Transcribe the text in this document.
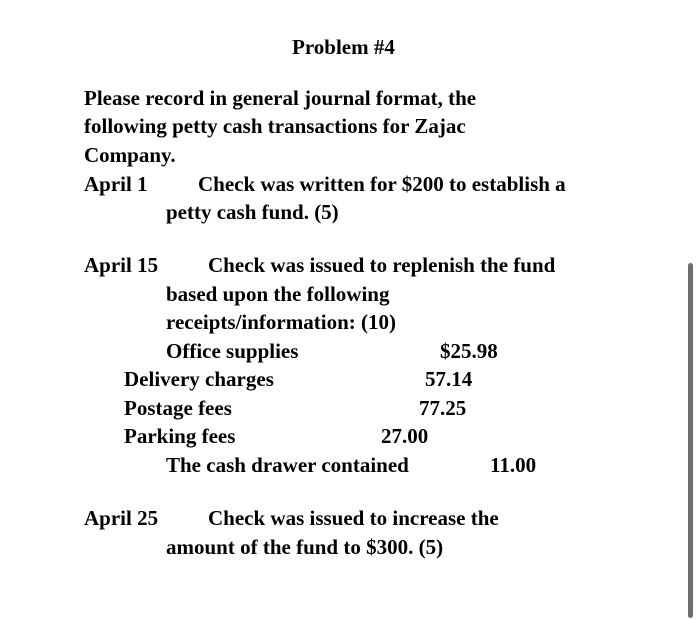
Problem #4
Please record in general journal format, the
following petty cash transactions for Zajac
Company.
April 1 Check was written for $200 to establish a
petty cash fund. (5)
April 15 Check was issued to replenish the fund
based upon the following
receipts/information: (10)
Office supplies	$25.98
Delivery charges	57.14
Postage fees	77.25
Parking fees	27.00
The cash drawer contained	11.00
April 25 Check was issued to increase the
amount of the fund to $300. (5)
